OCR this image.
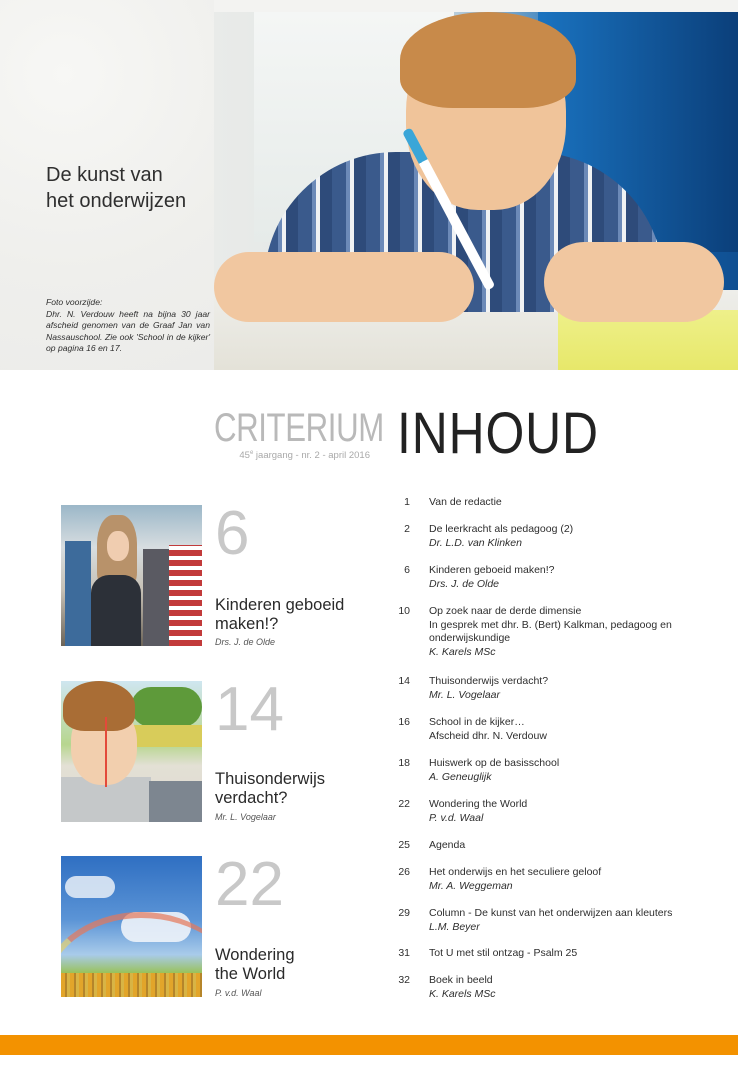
De kunst van
het onderwijzen
Foto voorzijde:
Dhr. N. Verdouw heeft na bijna 30 jaar afscheid genomen van de Graaf Jan van Nassauschool. Zie ook 'School in de kijker' op pagina 16 en 17.
CRITERIUM
45e jaargang - nr. 2 - april 2016 INHOUD
6
Kinderen geboeid
maken!?
Drs. J. de Olde
14
Thuisonderwijs
verdacht?
Mr. L. Vogelaar
22
Wondering
the World
P. v.d. Waal
1 Van de redactie
2 De leerkracht als pedagoog (2)
Dr. L.D. van Klinken
6 Kinderen geboeid maken!?
Drs. J. de Olde
10 Op zoek naar de derde dimensie
In gesprek met dhr. B. (Bert) Kalkman, pedagoog en
onderwijskundige
K. Karels MSc
14 Thuisonderwijs verdacht?
Mr. L. Vogelaar
16 School in de kijker…
Afscheid dhr. N. Verdouw
18 Huiswerk op de basisschool
A. Geneuglijk
22 Wondering the World
P. v.d. Waal
25 Agenda
26 Het onderwijs en het seculiere geloof
Mr. A. Weggeman
29 Column - De kunst van het onderwijzen aan kleuters
L.M. Beyer
31 Tot U met stil ontzag - Psalm 25
32 Boek in beeld
K. Karels MSc
